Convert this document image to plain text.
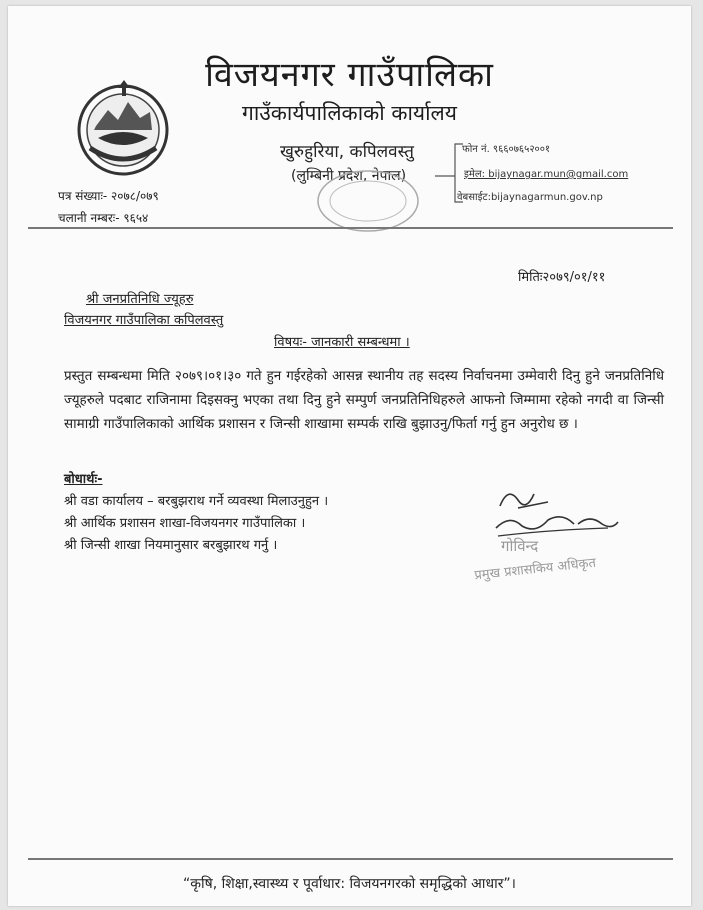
विजयनगर गाउँपालिका
गाउँकार्यपालिकाको कार्यालय
खुरुहुरिया, कपिलवस्तु
(लुम्बिनी प्रदेश, नेपाल)
फोन नं. ९६६०७६५२००१
इमेल: bijaynagar.mun@gmail.com
वेबसाईट:bijaynagarmun.gov.np
पत्र संख्याः- २०७८/०७९
चलानी नम्बरः- ९६५४
मितिः२०७९/०१/११
श्री जनप्रतिनिधि ज्यूहरु
विजयनगर गाउँपालिका कपिलवस्तु
विषयः- जानकारी सम्बन्धमा ।
प्रस्तुत सम्बन्धमा मिति २०७९।०१।३० गते हुन गईरहेको आसन्न स्थानीय तह सदस्य निर्वाचनमा उम्मेवारी दिनु हुने जनप्रतिनिधि ज्यूहरुले पदबाट राजिनामा दिइसक्नु भएका तथा दिनु हुने सम्पुर्ण जनप्रतिनिधिहरुले आफनो जिम्मामा रहेको नगदी वा जिन्सी सामाग्री गाउँपालिकाको आर्थिक प्रशासन र जिन्सी शाखामा सम्पर्क राखि बुझाउनु/फिर्ता गर्नु हुन अनुरोध छ ।
बोधार्थः-
श्री वडा कार्यालय – बरबुझराथ गर्ने व्यवस्था मिलाउनुहुन ।
श्री आर्थिक प्रशासन शाखा-विजयनगर गाउँपालिका ।
श्री जिन्सी शाखा नियमानुसार बरबुझारथ गर्नु ।	गोविन्द
प्रमुख प्रशासकिय अधिकृत
“कृषि, शिक्षा,स्वास्थ्य र पूर्वाधार: विजयनगरको समृद्धिको आधार”।
